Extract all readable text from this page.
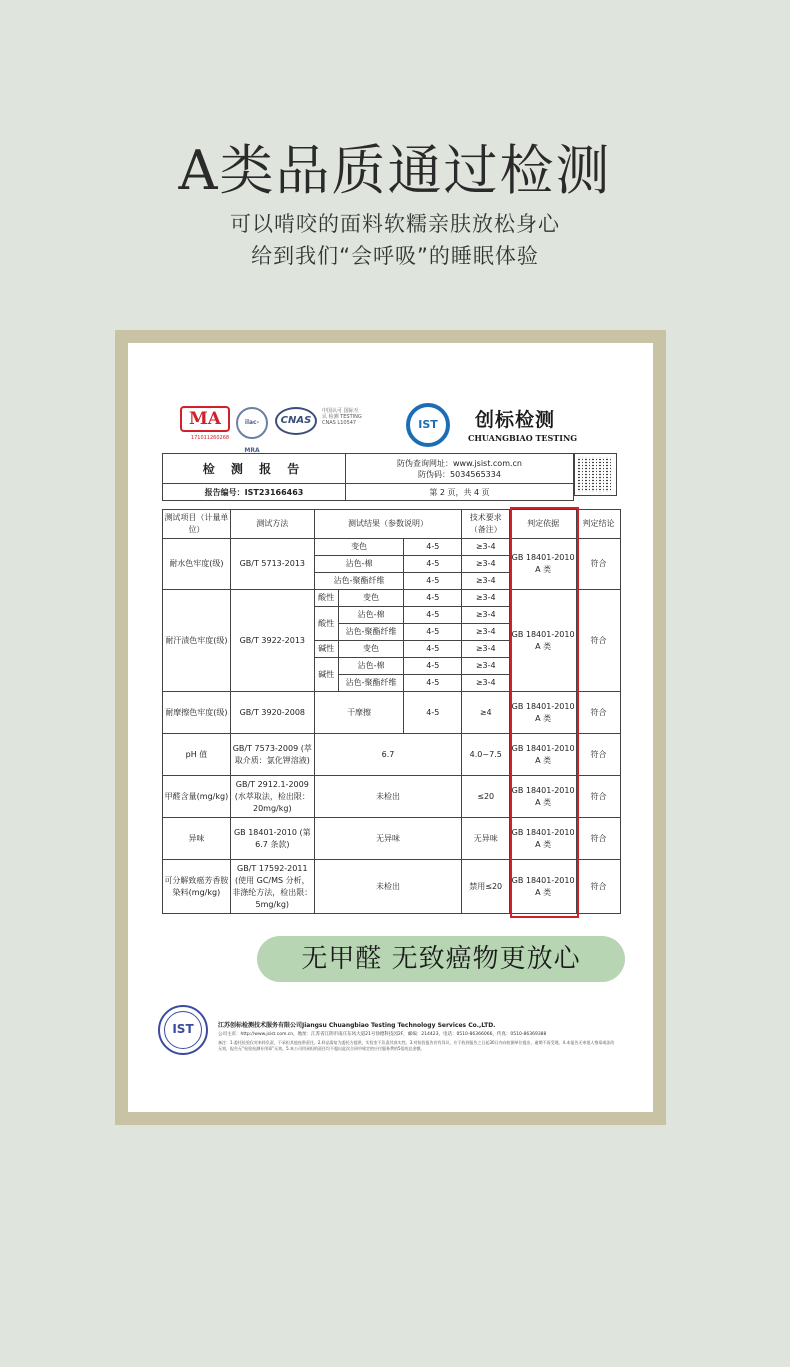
A类品质通过检测
可以啃咬的面料软糯亲肤放松身心
给到我们“会呼吸”的睡眠体验
MA
171011260268
ilac-MRA
CNAS
中国认可 国际互认 检测 TESTING CNAS L10547	IST	创标检测
CHUANGBIAO TESTING
检 测 报 告	防伪查询网址：www.jsist.com.cn
防伪码：5034565334

报告编号：IST23166463	第 2 页，共 4 页
测试项目（计量单位）	测试方法	测试结果（参数说明）			技术要求（备注）	判定依据	判定结论
耐水色牢度(级)	GB/T 5713-2013	变色		4-5	≥3-4	GB 18401-2010 A 类	符合
		沾色-棉		4-5	≥3-4		
		沾色-聚酯纤维		4-5	≥3-4		
耐汗渍色牢度(级)	GB/T 3922-2013	酸性	变色	4-5	≥3-4	GB 18401-2010 A 类	符合
		酸性	沾色-棉	4-5	≥3-4		
			沾色-聚酯纤维	4-5	≥3-4		
		碱性	变色	4-5	≥3-4		
		碱性	沾色-棉	4-5	≥3-4		
			沾色-聚酯纤维	4-5	≥3-4		
耐摩擦色牢度(级)	GB/T 3920-2008	干摩擦		4-5	≥4	GB 18401-2010 A 类	符合
pH 值	GB/T 7573-2009 (萃取介质：氯化钾溶液)	6.7			4.0~7.5	GB 18401-2010 A 类	符合
甲醛含量(mg/kg)	GB/T 2912.1-2009 (水萃取法，检出限：20mg/kg)	未检出			≤20	GB 18401-2010 A 类	符合
异味	GB 18401-2010 (第 6.7 条款)	无异味			无异味	GB 18401-2010 A 类	符合
可分解致癌芳香胺染料(mg/kg)	GB/T 17592-2011 (使用 GC/MS 分析，非涤纶方法，检出限：5mg/kg)	未检出			禁用≤20	GB 18401-2010 A 类	符合
无甲醛 无致癌物更放心
IST	江苏创标检测技术服务有限公司Jiangsu Chuangbiao Testing Technology Services Co.,LTD.
公司主页：http://www.jsist.com.cn，地址：江苏省江阴市南庄东风大道21号徐德科技园2F，邮编：214423，电话：0510-86366066，传真：0510-86369388
备注：1.委托检验仅对来样负责，不承担其他连带责任。2.样品需复为委托方提供，实验室不负责其真实性。3.对检验报告若有异议，应于收到报告之日起30日内向检测单位提出，逾期不再受理。4.本报告无审批人签章或涂改无效，报告无“检验检测专用章”无效。5.本公司用承担的责任均不超出此次合同中规定的应付服务费的5倍的总金额。
